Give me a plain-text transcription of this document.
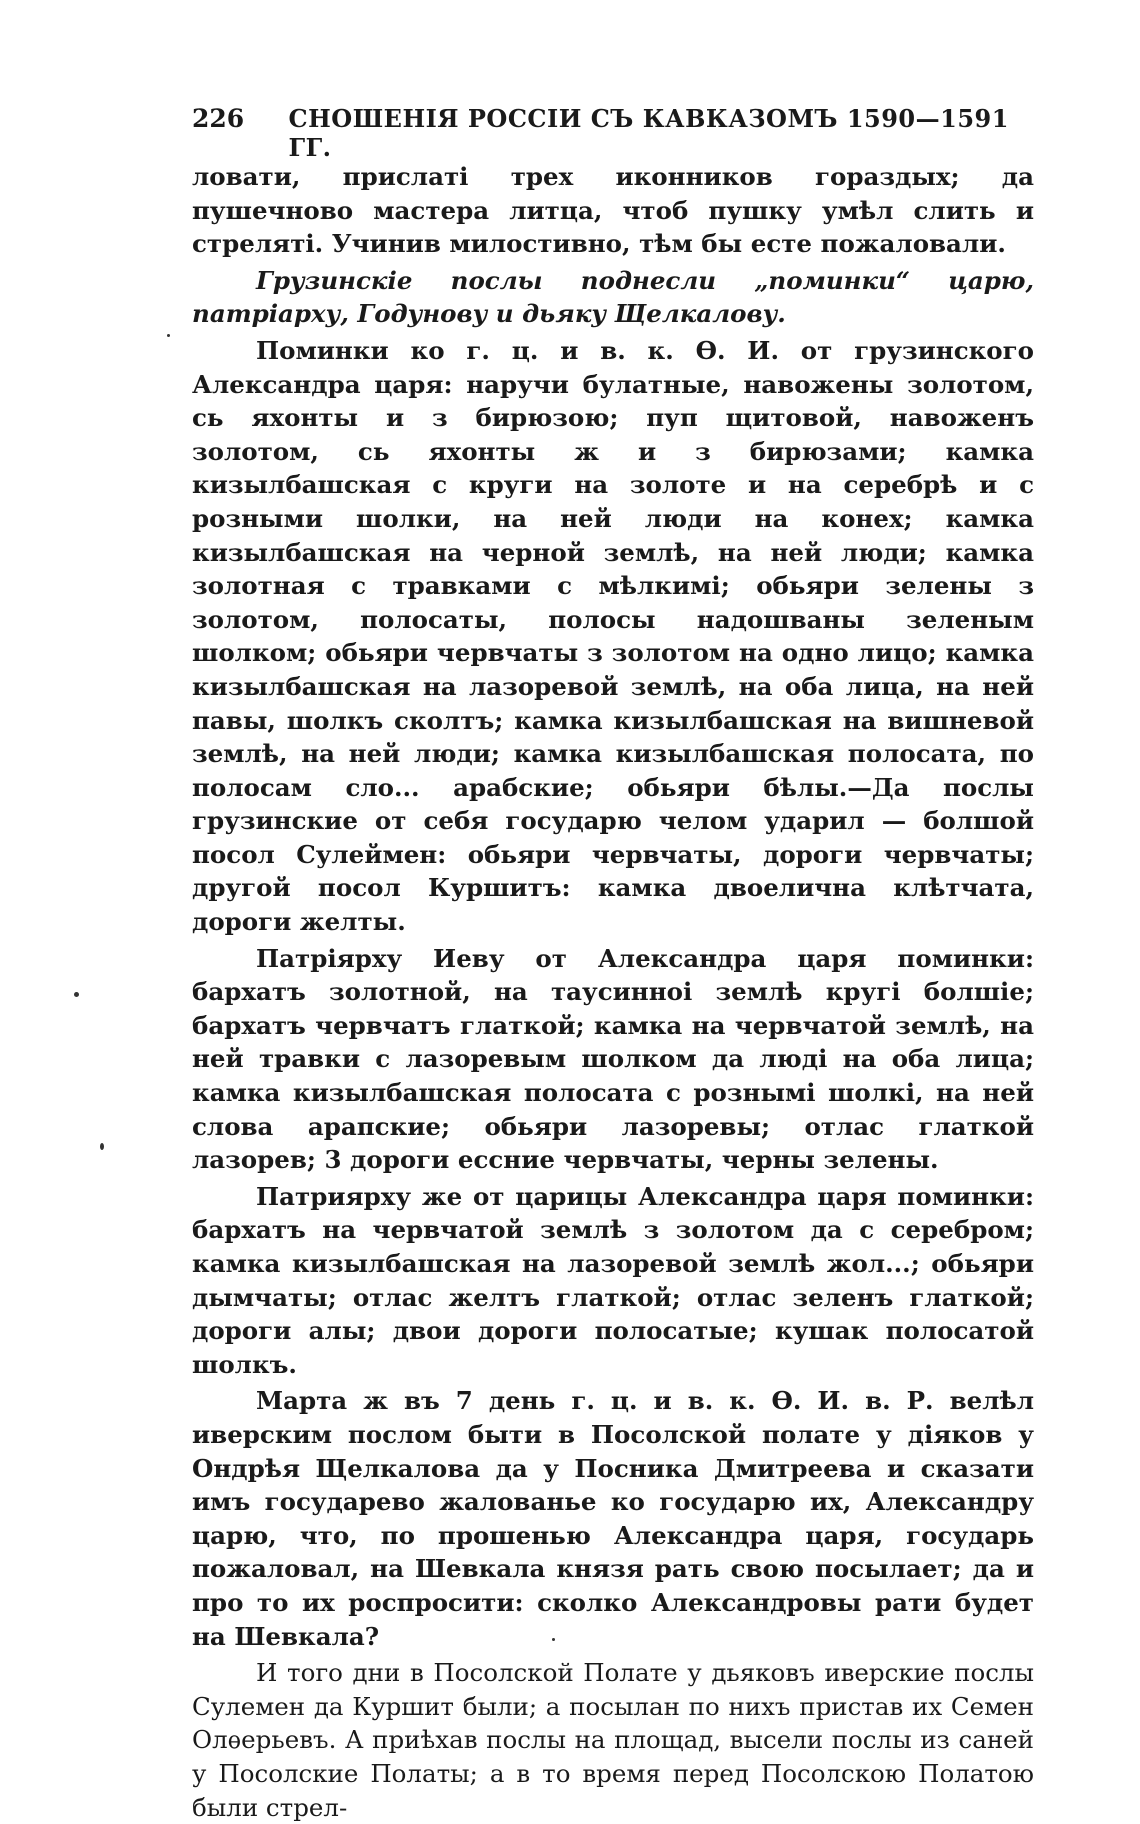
226	СНОШЕНІЯ РОССІИ СЪ КАВКАЗОМЪ 1590—1591 ГГ.

ловати, прислаті трех иконников гораздых; да пушечново мастера литца, чтоб пушку умѣл слить и стреляті. Учинив милостивно, тѣм бы есте пожаловали.

Грузинскіе послы поднесли „поминки“ царю, патріарху, Годунову и дьяку Щелкалову.

Поминки ко г. ц. и в. к. Ѳ. И. от грузинского Александра царя: наручи булатные, навожены золотом, сь яхонты и з бирюзою; пуп щитовой, навоженъ золотом, сь яхонты ж и з бирюзами; камка кизылбашская с круги на золоте и на серебрѣ и с розными шолки, на ней люди на конех; камка кизылбашская на черной землѣ, на ней люди; камка золотная с травками с мѣлкимі; обьяри зелены з золотом, полосаты, полосы надошваны зеленым шолком; обьяри червчаты з золотом на одно лицо; камка кизылбашская на лазоревой землѣ, на оба лица, на ней павы, шолкъ сколтъ; камка кизылбашская на вишневой землѣ, на ней люди; камка кизылбашская полосата, по полосам сло... арабские; обьяри бѣлы.—Да послы грузинские от себя государю челом ударил — болшой посол Сулеймен: обьяри червчаты, дороги червчаты; другой посол Куршитъ: камка двоелична клѣтчата, дороги желты.

Патріярху Иеву от Александра царя поминки: бархатъ золотной, на таусинноі землѣ кругі болшіе; бархатъ червчатъ глаткой; камка на червчатой землѣ, на ней травки с лазоревым шолком да люді на оба лица; камка кизылбашская полосата с рознымі шолкі, на ней слова арапские; обьяри лазоревы; отлас глаткой лазорев; 3 дороги ессние червчаты, черны зелены.

Патриярху же от царицы Александра царя поминки: бархатъ на червчатой землѣ з золотом да с серебром; камка кизылбашская на лазоревой землѣ жол...; обьяри дымчаты; отлас желтъ глаткой; отлас зеленъ глаткой; дороги алы; двои дороги полосатые; кушак полосатой шолкъ.

Марта ж въ 7 день г. ц. и в. к. Ѳ. И. в. Р. велѣл иверским послом быти в Посолской полате у діяков у Ондрѣя Щелкалова да у Посника Дмитреева и сказати имъ государево жалованье ко государю их, Александру царю, что, по прошенью Александра царя, государь пожаловал, на Шевкала князя рать свою посылает; да и про то их роспросити: сколко Александровы рати будет на Шевкала?

И того дни в Посолской Полате у дьяковъ иверские послы Сулемен да Куршит были; а посылан по нихъ пристав их Семен Олѳерьевъ. А приѣхав послы на площад, высели послы из саней у Посолские Полаты; а в то время перед Посолскою Полатою были стрел-
